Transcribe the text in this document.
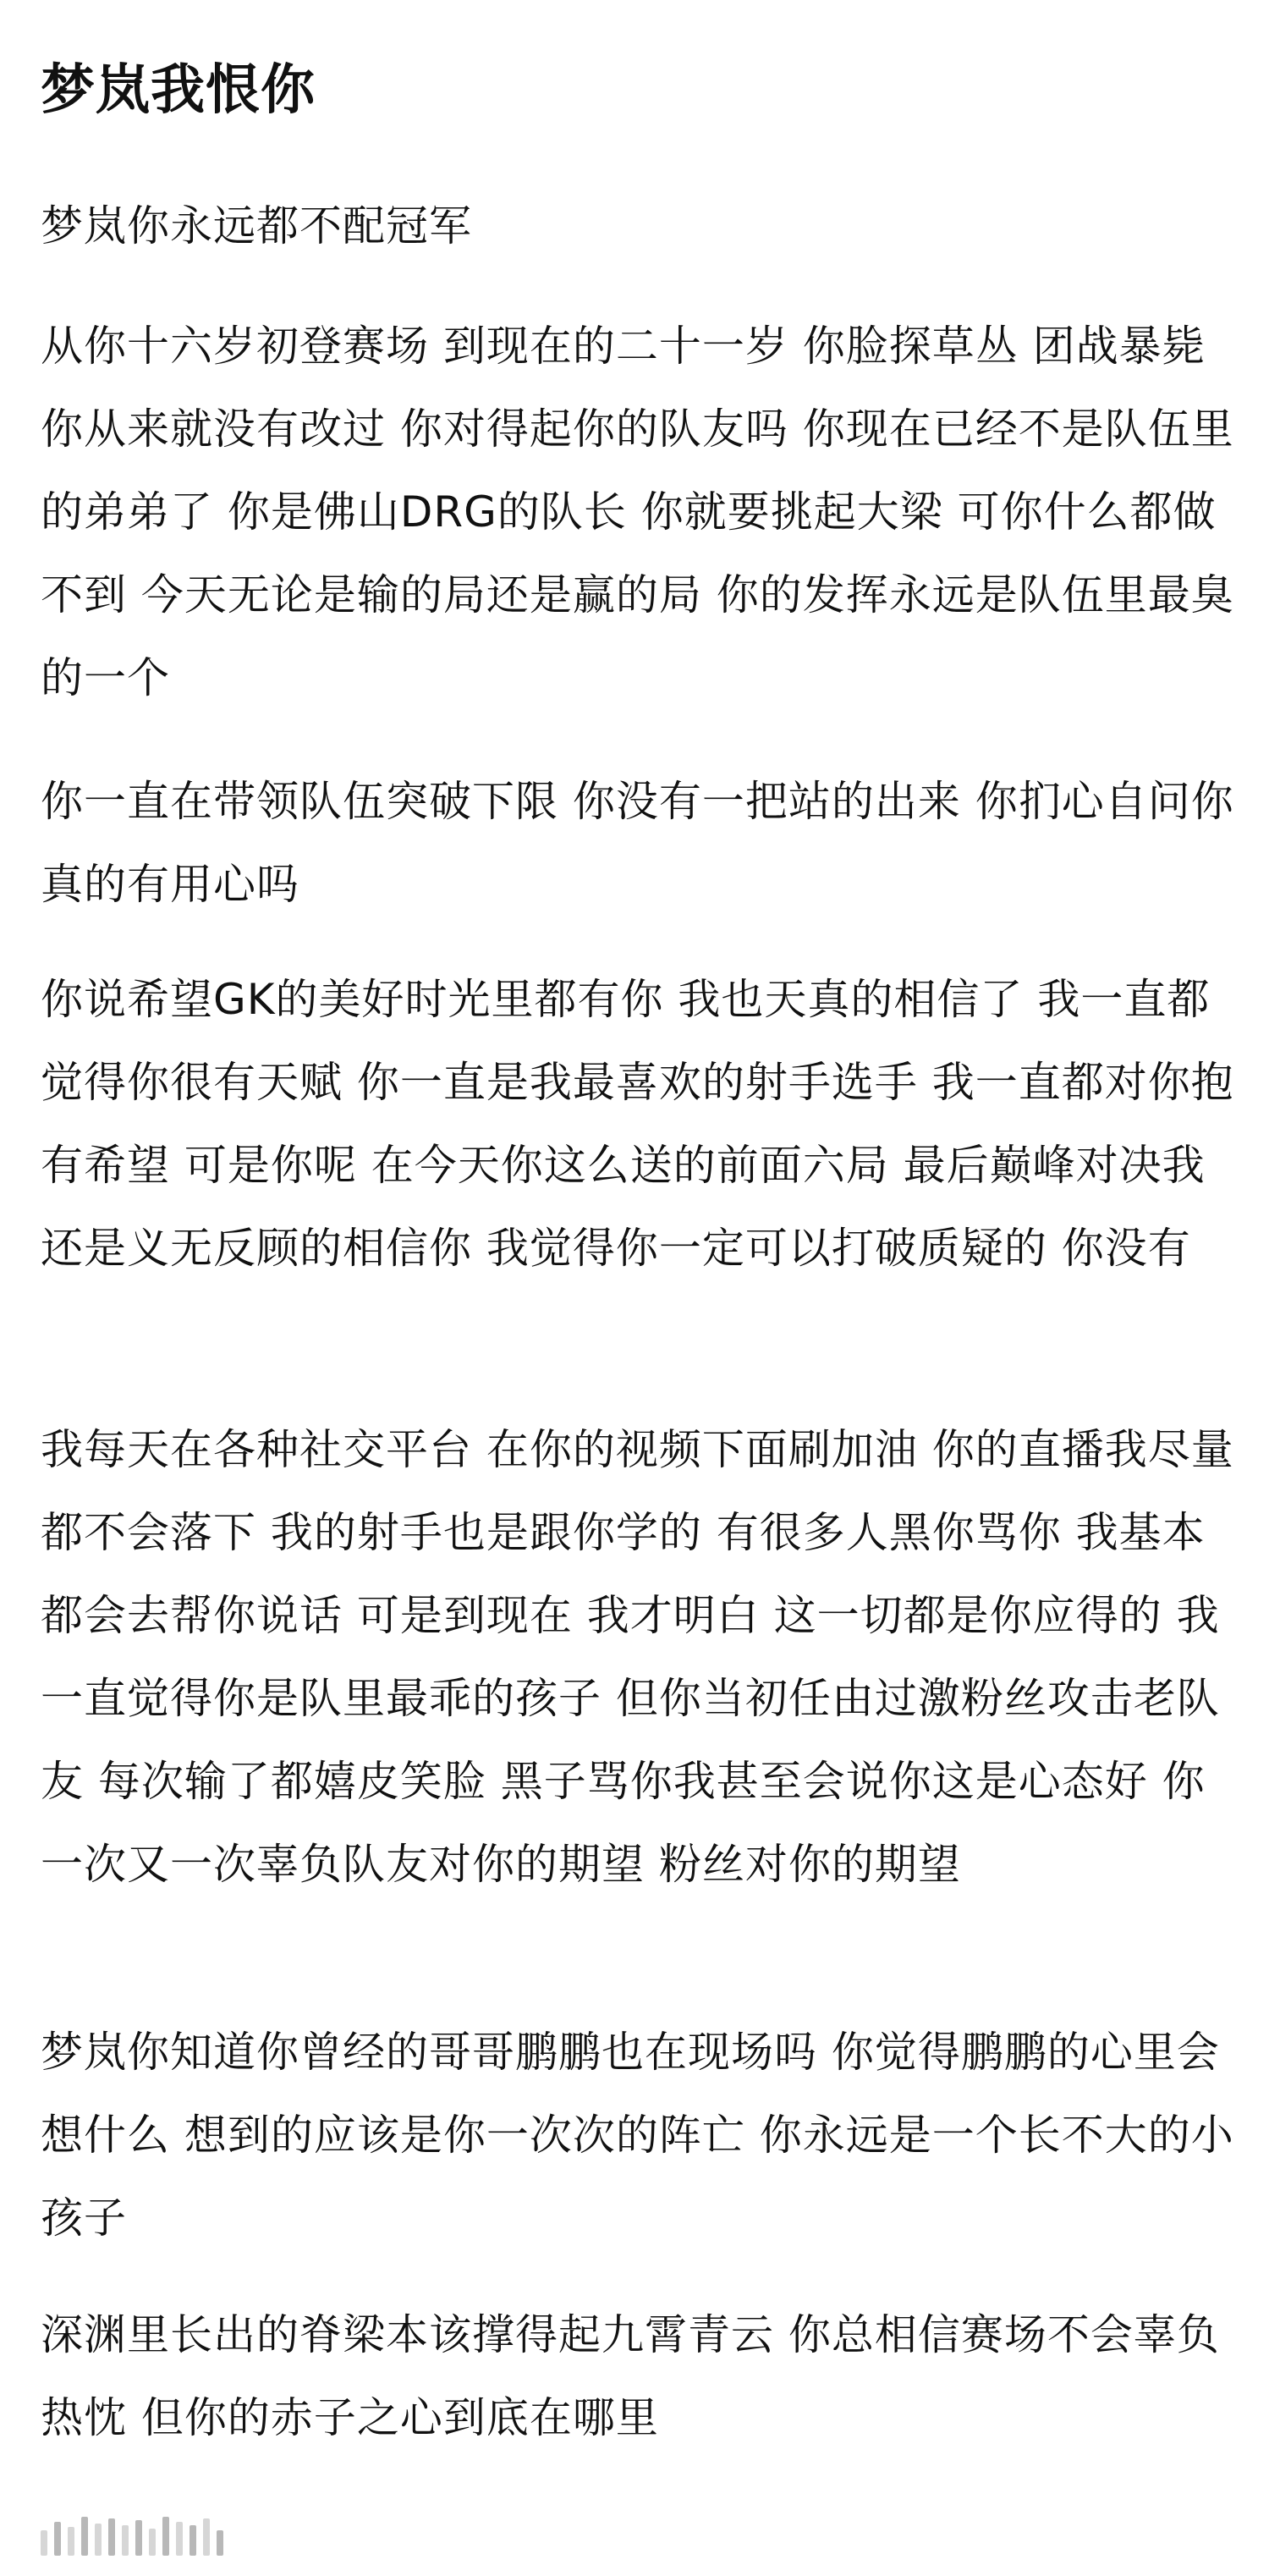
梦岚我恨你

梦岚你永远都不配冠军

从你十六岁初登赛场 到现在的二十一岁 你脸探草丛 团战暴毙 你从来就没有改过 你对得起你的队友吗 你现在已经不是队伍里的弟弟了 你是佛山DRG的队长 你就要挑起大梁 可你什么都做不到 今天无论是输的局还是赢的局 你的发挥永远是队伍里最臭的一个

你一直在带领队伍突破下限 你没有一把站的出来 你扪心自问你真的有用心吗

你说希望GK的美好时光里都有你 我也天真的相信了 我一直都觉得你很有天赋 你一直是我最喜欢的射手选手 我一直都对你抱有希望 可是你呢 在今天你这么送的前面六局 最后巅峰对决我还是义无反顾的相信你 我觉得你一定可以打破质疑的 你没有

我每天在各种社交平台 在你的视频下面刷加油 你的直播我尽量都不会落下 我的射手也是跟你学的 有很多人黑你骂你 我基本都会去帮你说话 可是到现在 我才明白 这一切都是你应得的 我一直觉得你是队里最乖的孩子 但你当初任由过激粉丝攻击老队友 每次输了都嬉皮笑脸 黑子骂你我甚至会说你这是心态好 你一次又一次辜负队友对你的期望 粉丝对你的期望

梦岚你知道你曾经的哥哥鹏鹏也在现场吗 你觉得鹏鹏的心里会想什么 想到的应该是你一次次的阵亡 你永远是一个长不大的小孩子

深渊里长出的脊梁本该撑得起九霄青云 你总相信赛场不会辜负热忱 但你的赤子之心到底在哪里
